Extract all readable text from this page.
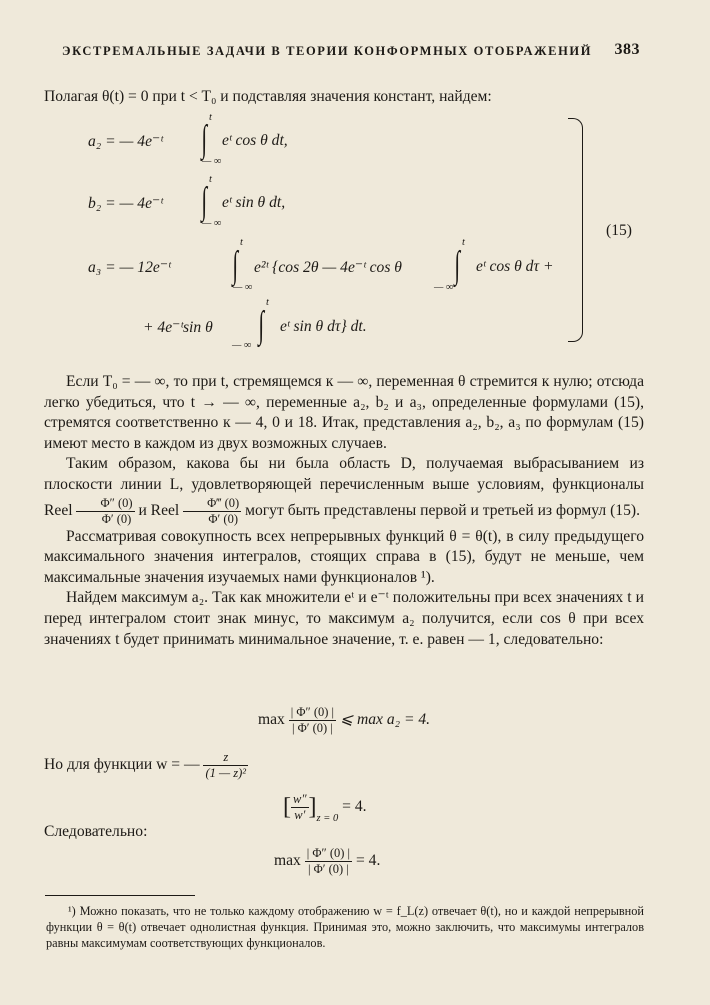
ЭКСТРЕМАЛЬНЫЕ ЗАДАЧИ В ТЕОРИИ КОНФОРМНЫХ ОТОБРАЖЕНИЙ 383
Полагая θ(t) = 0 при t < T₀ и подставляя значения констант, найдем:
a₂ = — 4e⁻ᵗ
t
∫
— ∞
eᵗ cos θ dt,
b₂ = — 4e⁻ᵗ
t
∫
— ∞
eᵗ sin θ dt,
a₃ = — 12e⁻ᵗ
t
∫
— ∞
e²ᵗ {cos 2θ — 4e⁻ᵗ cos θ
t
∫
— ∞
eᵗ cos θ dτ +
+ 4e⁻ᵗsin θ
t
∫
— ∞
eᵗ sin θ dτ} dt.
(15)

Если T₀ = — ∞, то при t, стремящемся к — ∞, переменная θ стремится к нулю; отсюда легко убедиться, что t → — ∞, переменные a₂, b₂ и a₃, определенные формулами (15), стремятся соответственно к — 4, 0 и 18. Итак, представления a₂, b₂, a₃ по формулам (15) имеют место в каждом из двух возможных случаев.

Таким образом, какова бы ни была область D, получаемая выбрасыванием из плоскости линии L, удовлетворяющей перечисленным выше условиям, функционалы Reel $\frac{\Phi'' (0)}{\Phi' (0)}$ и Reel $\frac{\Phi‴ (0)}{\Phi' (0)}$ могут быть представлены первой и третьей из формул (15).

Рассматривая совокупность всех непрерывных функций θ = θ(t), в силу предыдущего максимального значения интегралов, стоящих справа в (15), будут не меньше, чем максимальные значения изучаемых нами функционалов ¹).

Найдем максимум a₂. Так как множители eᵗ и e⁻ᵗ положительны при всех значениях t и перед интегралом стоит знак минус, то максимум a₂ получится, если cos θ при всех значениях t будет принимать минимальное значение, т. е. равен — 1, следовательно:

$\max \frac{| \Phi'' (0) |}{| \Phi' (0) |}$ ⩽ max a₂ = 4.
Но для функции w = — $\frac{z}{\text{(1 — z)²}}$
[ $\frac{w''}{w'} ]_{z = 0} = 4$.
Следовательно:
$\max \frac{| \Phi'' (0) |}{| \Phi' (0) |} = 4$.

¹) Можно показать, что не только каждому отображению w = f_L(z) отвечает θ(t), но и каждой непрерывной функции θ = θ(t) отвечает однолистная функция. Принимая это, можно заключить, что максимумы интегралов равны максимумам соответствующих функционалов.
